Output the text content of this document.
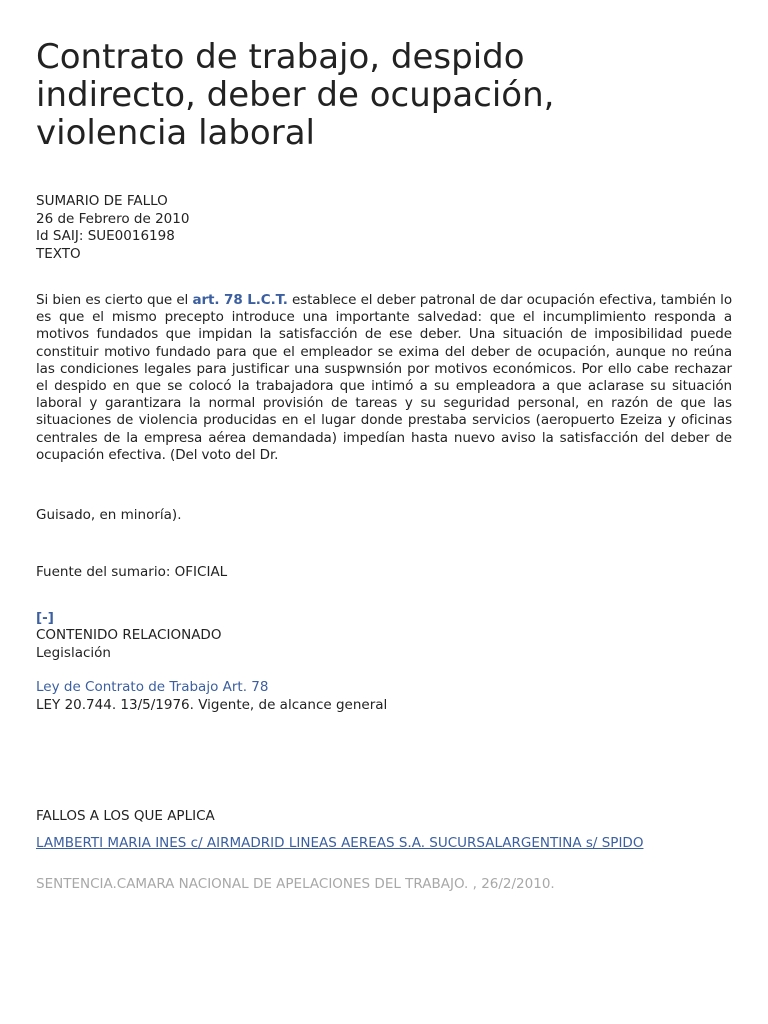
Contrato de trabajo, despido indirecto, deber de ocupación, violencia laboral
SUMARIO DE FALLO
26 de Febrero de 2010
Id SAIJ: SUE0016198
TEXTO

Si bien es cierto que el art. 78 L.C.T. establece el deber patronal de dar ocupación efectiva, también lo es que el mismo precepto introduce una importante salvedad: que el incumplimiento responda a motivos fundados que impidan la satisfacción de ese deber. Una situación de imposibilidad puede constituir motivo fundado para que el empleador se exima del deber de ocupación, aunque no reúna las condiciones legales para justificar una suspwnsión por motivos económicos. Por ello cabe rechazar el despido en que se colocó la trabajadora que intimó a su empleadora a que aclarase su situación laboral y garantizara la normal provisión de tareas y su seguridad personal, en razón de que las situaciones de violencia producidas en el lugar donde prestaba servicios (aeropuerto Ezeiza y oficinas centrales de la empresa aérea demandada) impedían hasta nuevo aviso la satisfacción del deber de ocupación efectiva. (Del voto del Dr.

Guisado, en minoría).
Fuente del sumario: OFICIAL
[-]
CONTENIDO RELACIONADO
Legislación
Ley de Contrato de Trabajo Art. 78
LEY 20.744. 13/5/1976. Vigente, de alcance general
FALLOS A LOS QUE APLICA
LAMBERTI MARIA INES c/ AIRMADRID LINEAS AEREAS S.A. SUCURSALARGENTINA s/ SPIDO
SENTENCIA.CAMARA NACIONAL DE APELACIONES DEL TRABAJO. , 26/2/2010.
